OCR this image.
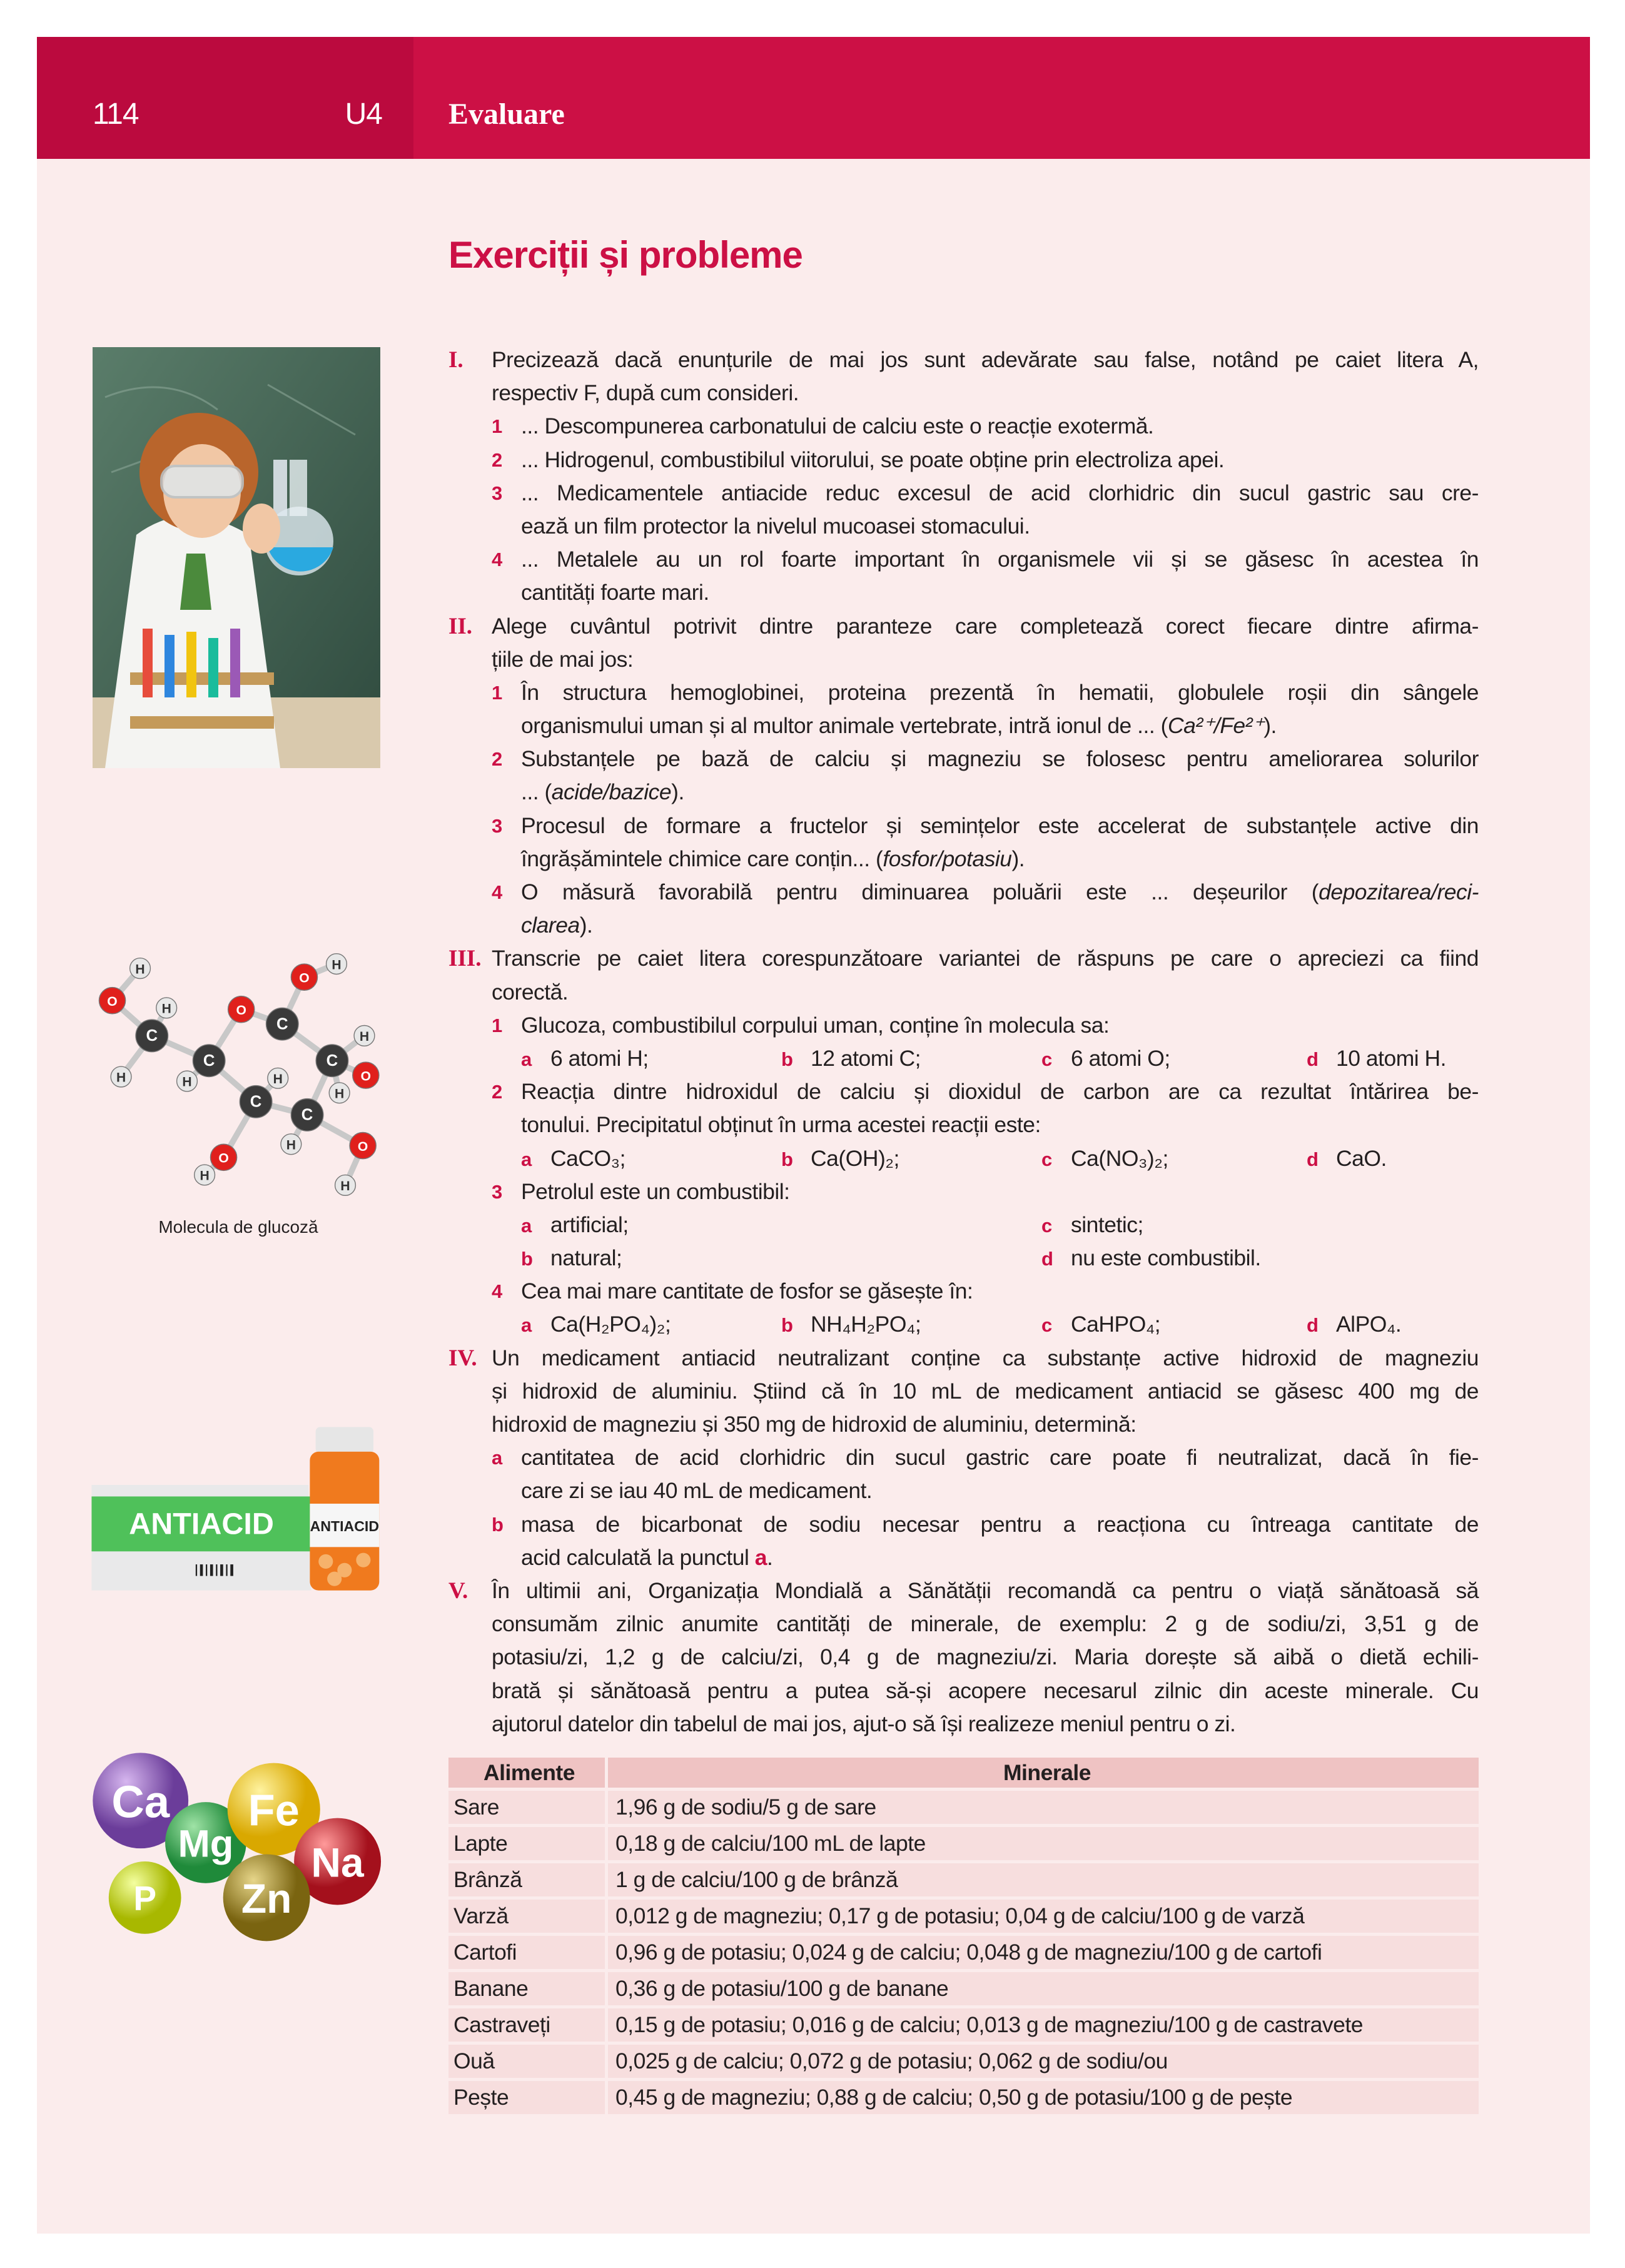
114	U4 Evaluare
Exerciții și probleme
H
O
C
H
H
C
H
O
C
O
H
C
H
O
H
C
H
C
H	O
H
O
H
Molecula de glucoză
ANTIACID	ANTIACID
Ca
Mg
Fe
Na
P	Zn
I. Precizează dacă enunțurile de mai jos sunt adevărate sau false, notând pe caiet litera A,
respectiv F, după cum consideri.
1 ... Descompunerea carbonatului de calciu este o reacție exotermă.
2 ... Hidrogenul, combustibilul viitorului, se poate obține prin electroliza apei.
3 ... Medicamentele antiacide reduc excesul de acid clorhidric din sucul gastric sau cre-
ează un film protector la nivelul mucoasei stomacului.
4 ... Metalele au un rol foarte important în organismele vii și se găsesc în acestea în
cantități foarte mari.
II. Alege cuvântul potrivit dintre paranteze care completează corect fiecare dintre afirma-
țiile de mai jos:
1 În structura hemoglobinei, proteina prezentă în hematii, globulele roșii din sângele
organismului uman și al multor animale vertebrate, intră ionul de ... (Ca²⁺/Fe²⁺).
2 Substanțele pe bază de calciu și magneziu se folosesc pentru ameliorarea solurilor
... (acide/bazice).
3 Procesul de formare a fructelor și semințelor este accelerat de substanțele active din
îngrășămintele chimice care conțin... (fosfor/potasiu).
4 O măsură favorabilă pentru diminuarea poluării este ... deșeurilor (depozitarea/reci-
clarea).
III. Transcrie pe caiet litera corespunzătoare variantei de răspuns pe care o apreciezi ca fiind
corectă.
1 Glucoza, combustibilul corpului uman, conține în molecula sa:
a 6 atomi H;	b 12 atomi C;	c 6 atomi O;	d 10 atomi H.
2 Reacția dintre hidroxidul de calciu și dioxidul de carbon are ca rezultat întărirea be-
tonului. Precipitatul obținut în urma acestei reacții este:
a CaCO₃;	b Ca(OH)₂;	c Ca(NO₃)₂;	d CaO.
3 Petrolul este un combustibil:
a artificial;	c sintetic;
b natural;	d nu este combustibil.
4 Cea mai mare cantitate de fosfor se găsește în:
a Ca(H₂PO₄)₂;	b NH₄H₂PO₄;	c CaHPO₄;	d AlPO₄.
IV. Un medicament antiacid neutralizant conține ca substanțe active hidroxid de magneziu
și hidroxid de aluminiu. Știind că în 10 mL de medicament antiacid se găsesc 400 mg de
hidroxid de magneziu și 350 mg de hidroxid de aluminiu, determină:
a cantitatea de acid clorhidric din sucul gastric care poate fi neutralizat, dacă în fie-
care zi se iau 40 mL de medicament.
b masa de bicarbonat de sodiu necesar pentru a reacționa cu întreaga cantitate de
acid calculată la punctul a.
V. În ultimii ani, Organizația Mondială a Sănătății recomandă ca pentru o viață sănătoasă să
consumăm zilnic anumite cantități de minerale, de exemplu: 2 g de sodiu/zi, 3,51 g de
potasiu/zi, 1,2 g de calciu/zi, 0,4 g de magneziu/zi. Maria dorește să aibă o dietă echili-
brată și sănătoasă pentru a putea să-și acopere necesarul zilnic din aceste minerale. Cu
ajutorul datelor din tabelul de mai jos, ajut-o să își realizeze meniul pentru o zi.
Alimente	Minerale
Sare	1,96 g de sodiu/5 g de sare
Lapte	0,18 g de calciu/100 mL de lapte
Brânză	1 g de calciu/100 g de brânză
Varză	0,012 g de magneziu; 0,17 g de potasiu; 0,04 g de calciu/100 g de varză
Cartofi	0,96 g de potasiu; 0,024 g de calciu; 0,048 g de magneziu/100 g de cartofi
Banane	0,36 g de potasiu/100 g de banane
Castraveți	0,15 g de potasiu; 0,016 g de calciu; 0,013 g de magneziu/100 g de castravete
Ouă	0,025 g de calciu; 0,072 g de potasiu; 0,062 g de sodiu/ou
Pește	0,45 g de magneziu; 0,88 g de calciu; 0,50 g de potasiu/100 g de pește
